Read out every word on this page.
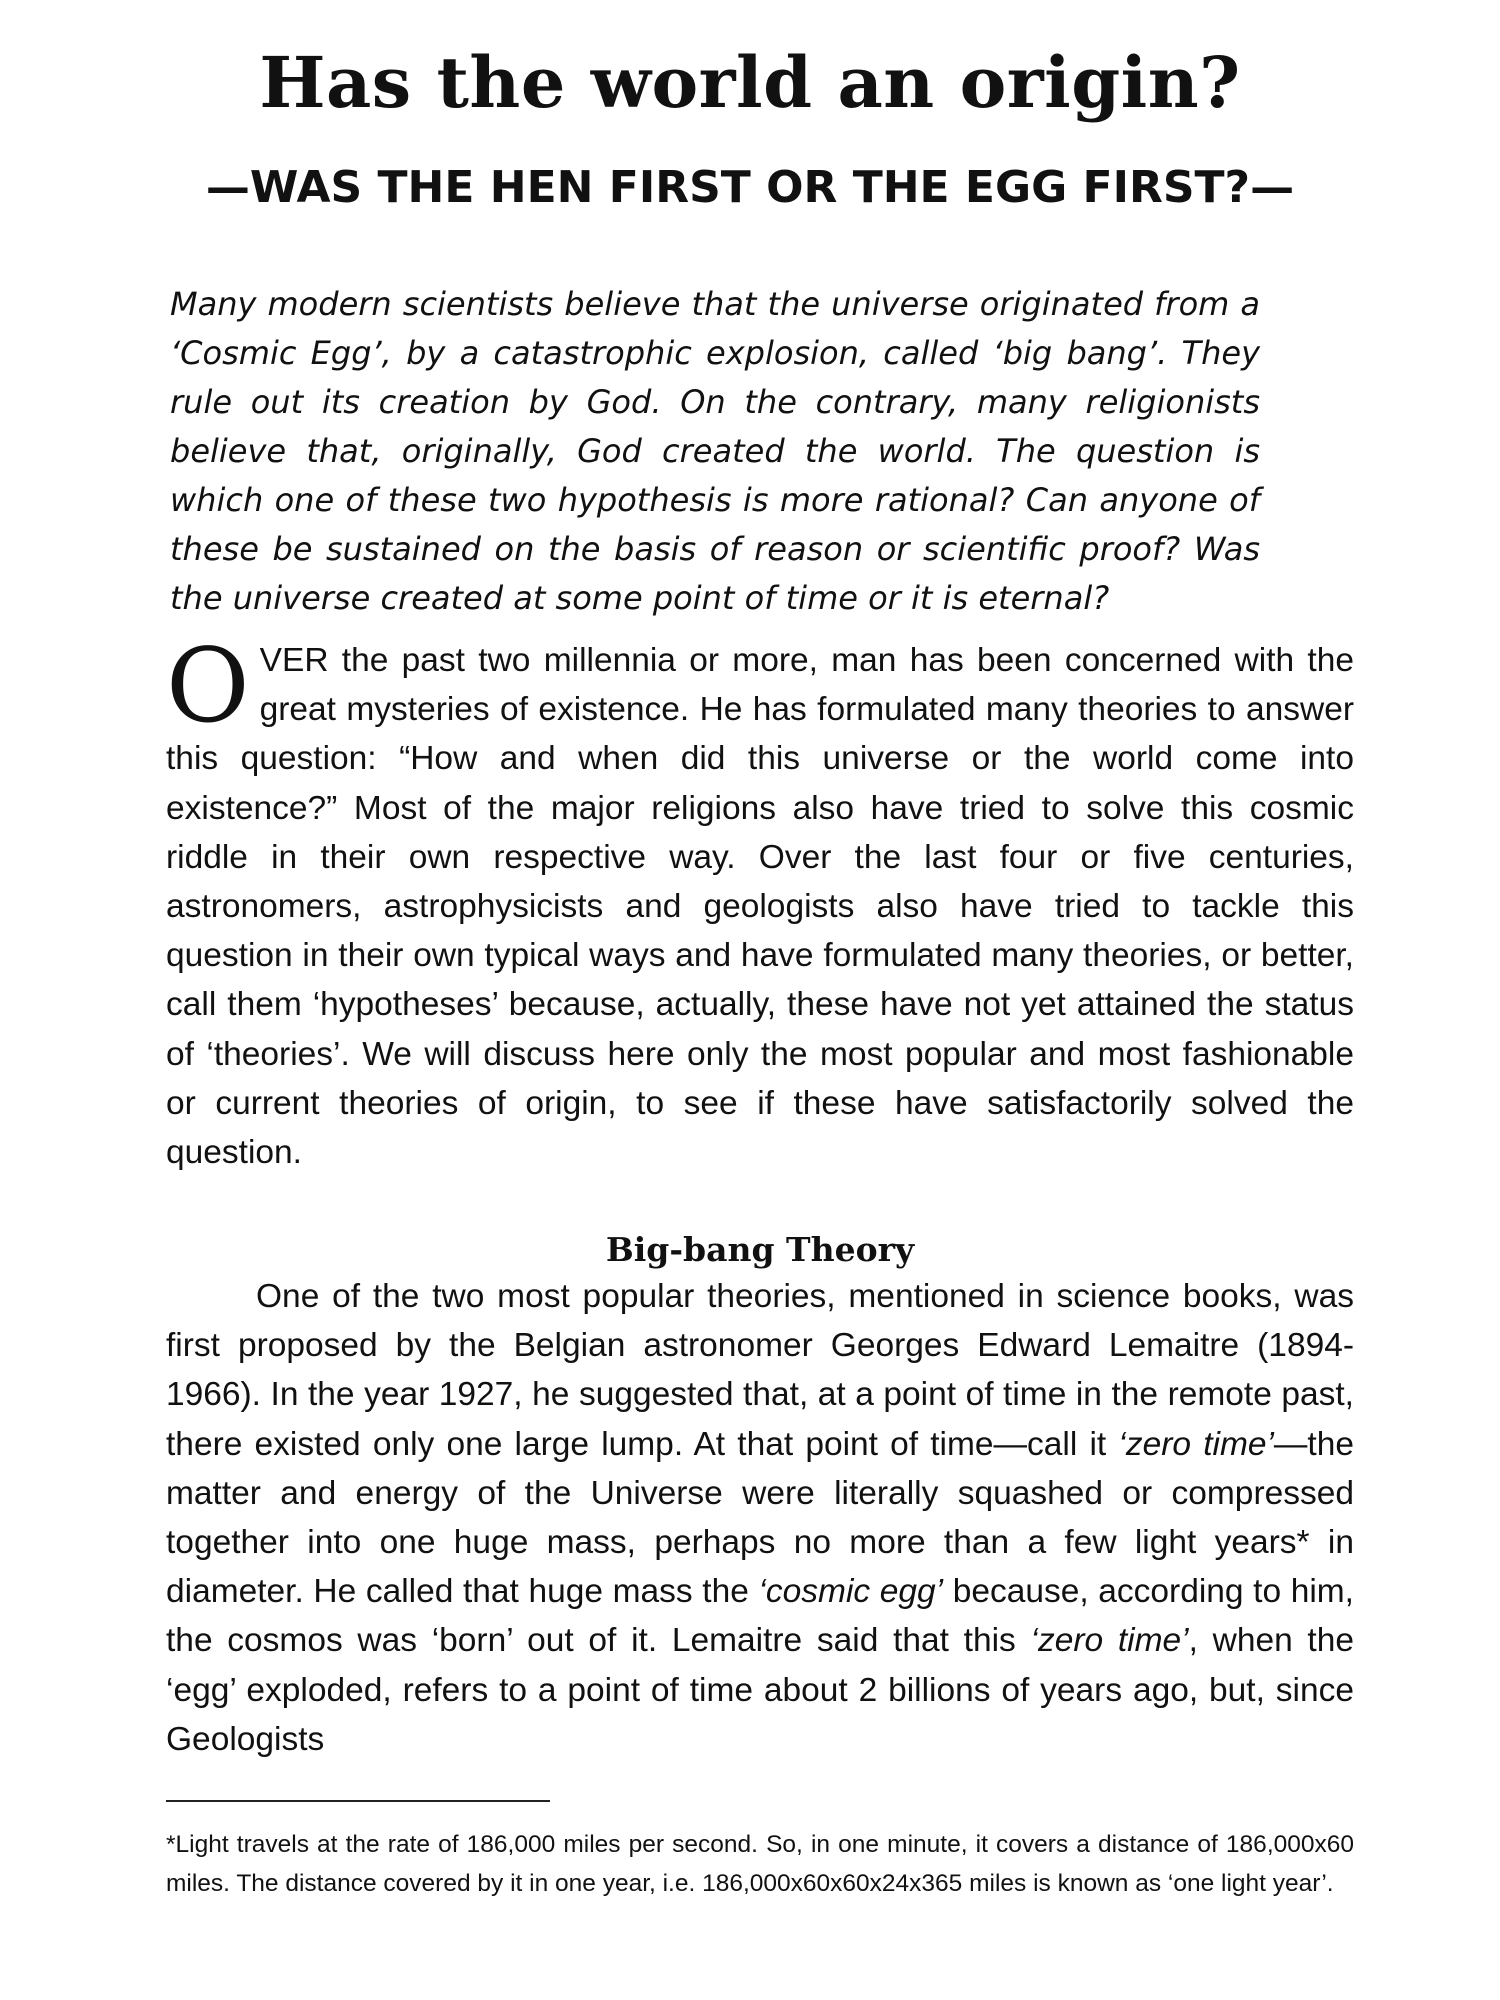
Has the world an origin?
—WAS THE HEN FIRST OR THE EGG FIRST?—

Many modern scientists believe that the universe originated from a ‘Cosmic Egg’, by a catastrophic explosion, called ‘big bang’. They rule out its creation by God. On the contrary, many religionists believe that, originally, God created the world. The question is which one of these two hypothesis is more rational? Can anyone of these be sustained on the basis of reason or scientific proof? Was the universe created at some point of time or it is eternal?

OVER the past two millennia or more, man has been concerned with the great mysteries of existence. He has formulated many theories to answer this question: “How and when did this universe or the world come into existence?” Most of the major religions also have tried to solve this cosmic riddle in their own respective way. Over the last four or five centuries, astronomers, astrophysicists and geologists also have tried to tackle this question in their own typical ways and have formulated many theories, or better, call them ‘hypotheses’ because, actually, these have not yet attained the status of ‘theories’. We will discuss here only the most popular and most fashionable or current theories of origin, to see if these have satisfactorily solved the question.

Big-bang Theory

One of the two most popular theories, mentioned in science books, was first proposed by the Belgian astronomer Georges Edward Lemaitre (1894-1966). In the year 1927, he suggested that, at a point of time in the remote past, there existed only one large lump. At that point of time—call it ‘zero time’—the matter and energy of the Universe were literally squashed or compressed together into one huge mass, perhaps no more than a few light years* in diameter. He called that huge mass the ‘cosmic egg’ because, according to him, the cosmos was ‘born’ out of it. Lemaitre said that this ‘zero time’, when the ‘egg’ exploded, refers to a point of time about 2 billions of years ago, but, since Geologists

*Light travels at the rate of 186,000 miles per second. So, in one minute, it covers a distance of 186,000x60 miles. The distance covered by it in one year, i.e. 186,000x60x60x24x365 miles is known as ‘one light year’.
